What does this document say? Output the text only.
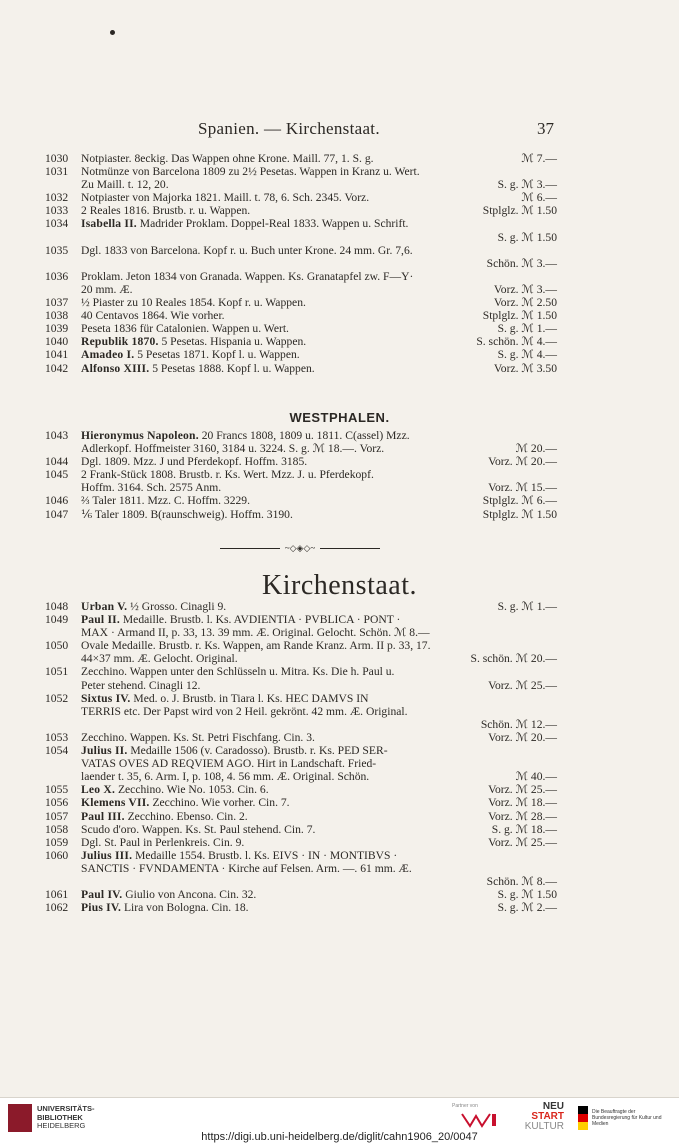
Spanien. — Kirchenstaat.	37
1030	Notpiaster. 8eckig. Das Wappen ohne Krone. Maill. 77, 1. S. g.	ℳ 7.—
1031	Notmünze von Barcelona 1809 zu 2½ Pesetas. Wappen in Kranz u. Wert.
Zu Maill. t. 12, 20.	S. g. ℳ 3.—
1032	Notpiaster von Majorka 1821. Maill. t. 78, 6. Sch. 2345. Vorz.	ℳ 6.—
1033	2 Reales 1816. Brustb. r. u. Wappen.	Stplglz. ℳ 1.50
1034	Isabella II. Madrider Proklam. Doppel-Real 1833. Wappen u. Schrift.
S. g. ℳ 1.50
1035	Dgl. 1833 von Barcelona. Kopf r. u. Buch unter Krone. 24 mm. Gr. 7,6.
Schön. ℳ 3.—
1036	Proklam. Jeton 1834 von Granada. Wappen. Ks. Granatapfel zw. F—Y·
20 mm. Æ.	Vorz. ℳ 3.—
1037	½ Piaster zu 10 Reales 1854. Kopf r. u. Wappen.	Vorz. ℳ 2.50
1038	40 Centavos 1864. Wie vorher.	Stplglz. ℳ 1.50
1039	Peseta 1836 für Catalonien. Wappen u. Wert.	S. g. ℳ 1.—
1040	Republik 1870. 5 Pesetas. Hispania u. Wappen.	S. schön. ℳ 4.—
1041	Amadeo I. 5 Pesetas 1871. Kopf l. u. Wappen.	S. g. ℳ 4.—
1042	Alfonso XIII. 5 Pesetas 1888. Kopf l. u. Wappen.	Vorz. ℳ 3.50
WESTPHALEN.
1043	Hieronymus Napoleon. 20 Francs 1808, 1809 u. 1811. C(assel) Mzz.
Adlerkopf. Hoffmeister 3160, 3184 u. 3224. S. g. ℳ 18.—. Vorz.	ℳ 20.—
1044	Dgl. 1809. Mzz. J und Pferdekopf. Hoffm. 3185.	Vorz. ℳ 20.—
1045	2 Frank-Stück 1808. Brustb. r. Ks. Wert. Mzz. J. u. Pferdekopf.
Hoffm. 3164. Sch. 2575 Anm.	Vorz. ℳ 15.—
1046	⅔ Taler 1811. Mzz. C. Hoffm. 3229.	Stplglz. ℳ 6.—
1047	⅙ Taler 1809. B(raunschweig). Hoffm. 3190.	Stplglz. ℳ 1.50
~◇◈◇~
Kirchenstaat.
1048	Urban V. ½ Grosso. Cinagli 9.	S. g. ℳ 1.—
1049	Paul II. Medaille. Brustb. l. Ks. AVDIENTIA · PVBLICA · PONT ·
MAX · Armand II, p. 33, 13. 39 mm. Æ. Original. Gelocht. Schön. ℳ 8.—
1050	Ovale Medaille. Brustb. r. Ks. Wappen, am Rande Kranz. Arm. II p. 33, 17.
44×37 mm. Æ. Gelocht. Original.	S. schön. ℳ 20.—
1051	Zecchino. Wappen unter den Schlüsseln u. Mitra. Ks. Die h. Paul u.
Peter stehend. Cinagli 12.	Vorz. ℳ 25.—
1052	Sixtus IV. Med. o. J. Brustb. in Tiara l. Ks. HEC DAMVS IN
TERRIS etc. Der Papst wird von 2 Heil. gekrönt. 42 mm. Æ. Original.
Schön. ℳ 12.—
1053	Zecchino. Wappen. Ks. St. Petri Fischfang. Cin. 3.	Vorz. ℳ 20.—
1054	Julius II. Medaille 1506 (v. Caradosso). Brustb. r. Ks. PED SER-
VATAS OVES AD REQVIEM AGO. Hirt in Landschaft. Fried-
laender t. 35, 6. Arm. I, p. 108, 4. 56 mm. Æ. Original. Schön.	ℳ 40.—
1055	Leo X. Zecchino. Wie No. 1053. Cin. 6.	Vorz. ℳ 25.—
1056	Klemens VII. Zecchino. Wie vorher. Cin. 7.	Vorz. ℳ 18.—
1057	Paul III. Zecchino. Ebenso. Cin. 2.	Vorz. ℳ 28.—
1058	Scudo d'oro. Wappen. Ks. St. Paul stehend. Cin. 7.	S. g. ℳ 18.—
1059	Dgl. St. Paul in Perlenkreis. Cin. 9.	Vorz. ℳ 25.—
1060	Julius III. Medaille 1554. Brustb. l. Ks. EIVS · IN · MONTIBVS ·
SANCTIS · FVNDAMENTA · Kirche auf Felsen. Arm. —. 61 mm. Æ.
Schön. ℳ 8.—
1061	Paul IV. Giulio von Ancona. Cin. 32.	S. g. ℳ 1.50
1062	Pius IV. Lira von Bologna. Cin. 18.	S. g. ℳ 2.—
UNIVERSITÄTS-
BIBLIOTHEK
HEIDELBERG
Partner von	NEU
START
KULTUR
Die Beauftragte der Bundesregierung für Kultur und Medien
https://digi.ub.uni-heidelberg.de/diglit/cahn1906_20/0047
